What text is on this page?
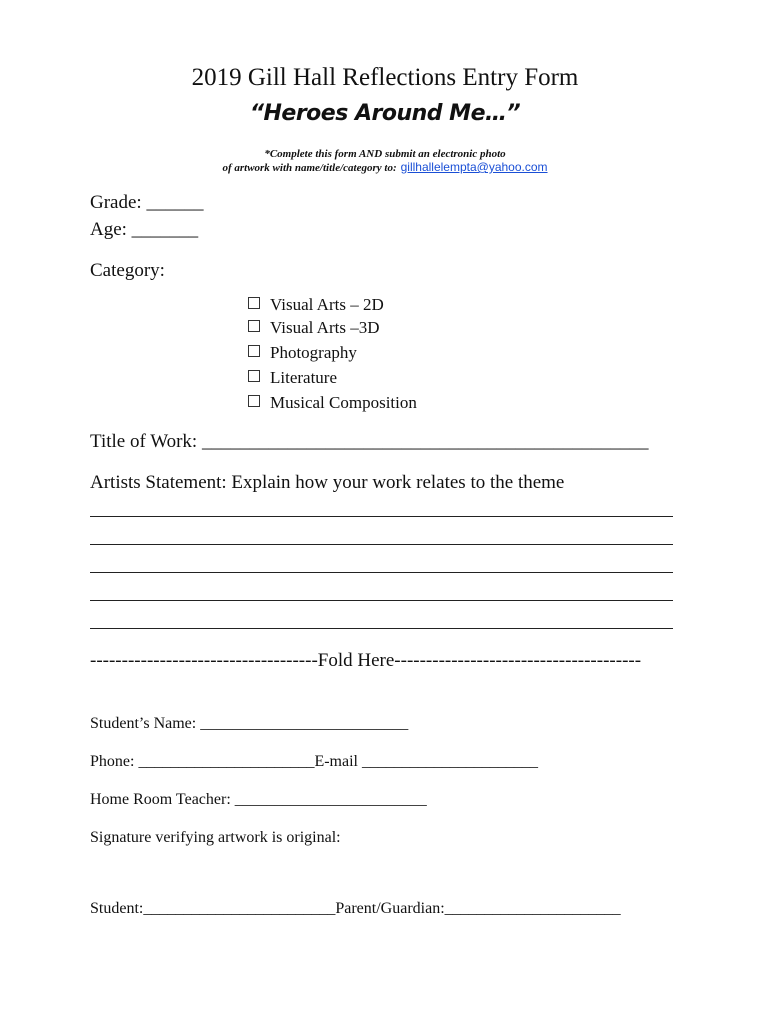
2019 Gill Hall Reflections Entry Form
“Heroes Around Me…”
*Complete this form AND submit an electronic photo
of artwork with name/title/category to: gillhallelempta@yahoo.com
Grade: ______
Age: _______
Category:
Visual Arts – 2D
Visual Arts –3D
Photography
Literature
Musical Composition
Title of Work: _______________________________________________
Artists Statement: Explain how your work relates to the theme
------------------------------------Fold Here---------------------------------------
Student’s Name: __________________________
Phone: ______________________E-mail ______________________
Home Room Teacher: ________________________
Signature verifying artwork is original:
Student:________________________Parent/Guardian:______________________
